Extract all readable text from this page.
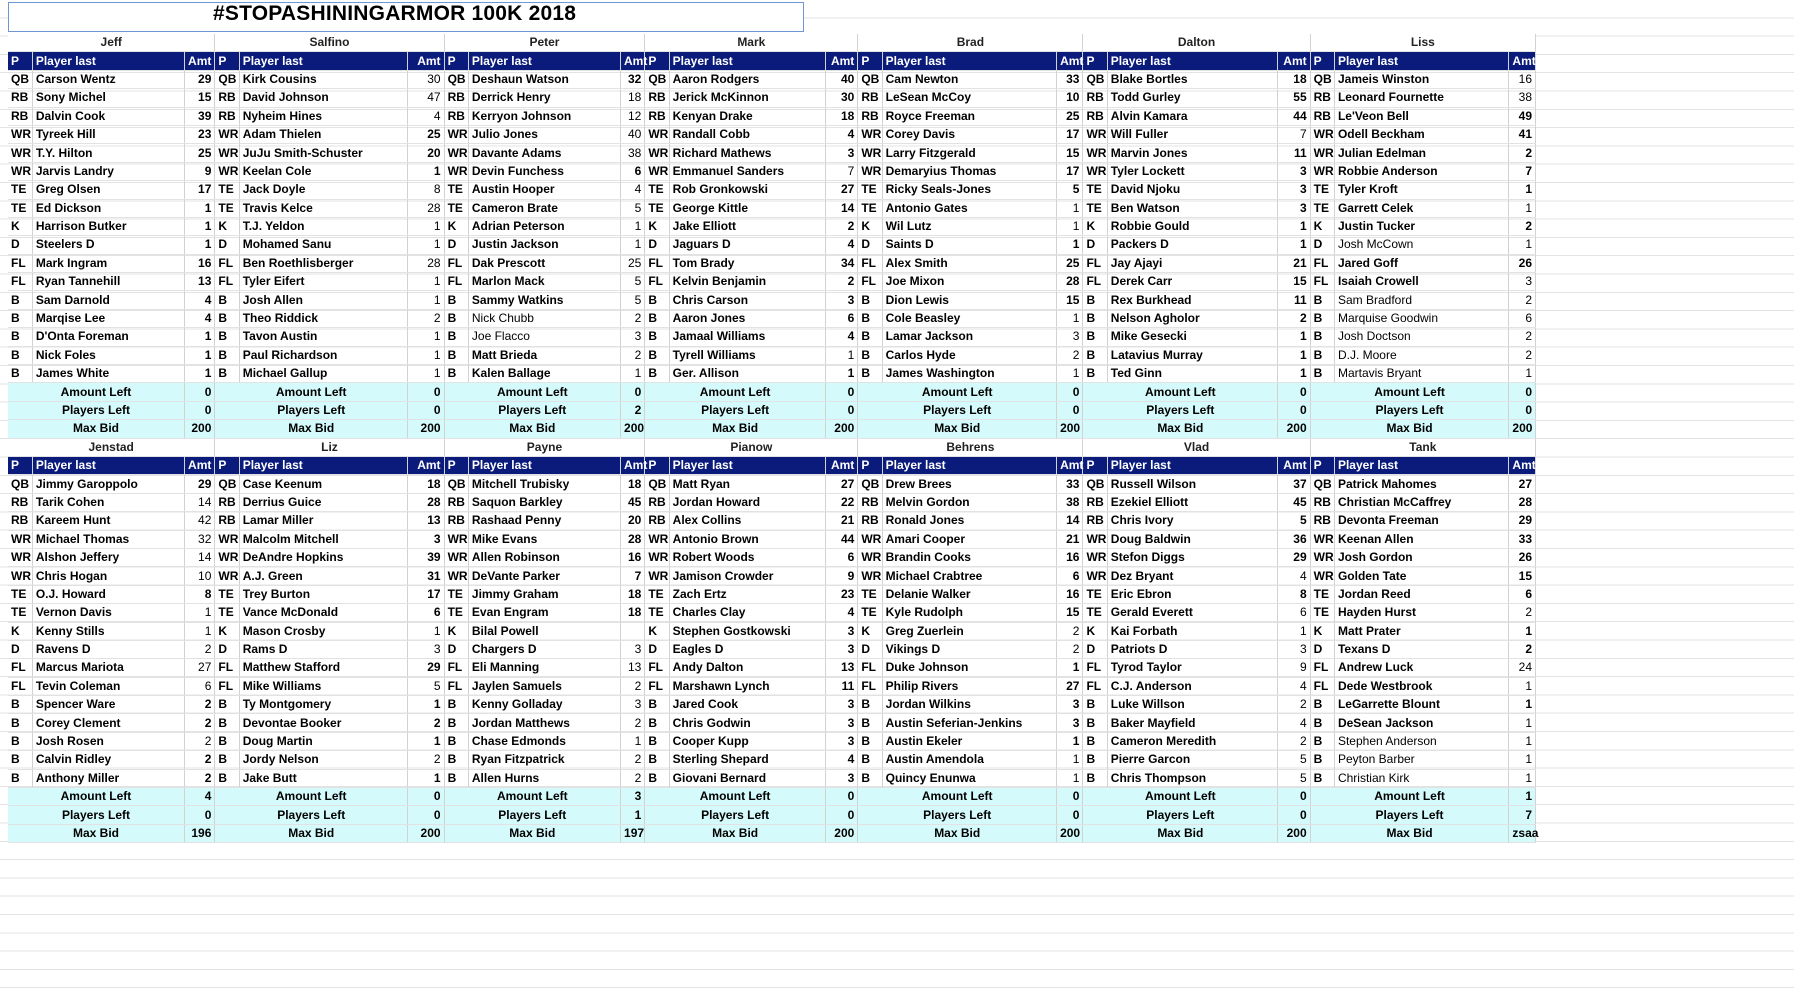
#STOPASHININGARMOR 100K 2018
Jeff			Salfino			Peter			Mark			Brad			Dalton			Liss		
P	Player last	Amt	P	Player last	Amt	P	Player last	Amt	P	Player last	Amt	P	Player last	Amt	P	Player last	Amt	P	Player last	Amt
QB	Carson Wentz	29	QB	Kirk Cousins	30	QB	Deshaun Watson	32	QB	Aaron Rodgers	40	QB	Cam Newton	33	QB	Blake Bortles	18	QB	Jameis Winston	16
RB	Sony Michel	15	RB	David Johnson	47	RB	Derrick Henry	18	RB	Jerick McKinnon	30	RB	LeSean McCoy	10	RB	Todd Gurley	55	RB	Leonard Fournette	38
RB	Dalvin Cook	39	RB	Nyheim Hines	4	RB	Kerryon Johnson	12	RB	Kenyan Drake	18	RB	Royce Freeman	25	RB	Alvin Kamara	44	RB	Le'Veon Bell	49
WR	Tyreek Hill	23	WR	Adam Thielen	25	WR	Julio Jones	40	WR	Randall Cobb	4	WR	Corey Davis	17	WR	Will Fuller	7	WR	Odell Beckham	41
WR	T.Y. Hilton	25	WR	JuJu Smith-Schuster	20	WR	Davante Adams	38	WR	Richard Mathews	3	WR	Larry Fitzgerald	15	WR	Marvin Jones	11	WR	Julian Edelman	2
WR	Jarvis Landry	9	WR	Keelan Cole	1	WR	Devin Funchess	6	WR	Emmanuel Sanders	7	WR	Demaryius Thomas	17	WR	Tyler Lockett	3	WR	Robbie Anderson	7
TE	Greg Olsen	17	TE	Jack Doyle	8	TE	Austin Hooper	4	TE	Rob Gronkowski	27	TE	Ricky Seals-Jones	5	TE	David Njoku	3	TE	Tyler Kroft	1
TE	Ed Dickson	1	TE	Travis Kelce	28	TE	Cameron Brate	5	TE	George Kittle	14	TE	Antonio Gates	1	TE	Ben Watson	3	TE	Garrett Celek	1
K	Harrison Butker	1	K	T.J. Yeldon	1	K	Adrian Peterson	1	K	Jake Elliott	2	K	Wil Lutz	1	K	Robbie Gould	1	K	Justin Tucker	2
D	Steelers D	1	D	Mohamed Sanu	1	D	Justin Jackson	1	D	Jaguars D	4	D	Saints D	1	D	Packers D	1	D	Josh McCown	1
FL	Mark Ingram	16	FL	Ben Roethlisberger	28	FL	Dak Prescott	25	FL	Tom Brady	34	FL	Alex Smith	25	FL	Jay Ajayi	21	FL	Jared Goff	26
FL	Ryan Tannehill	13	FL	Tyler Eifert	1	FL	Marlon Mack	5	FL	Kelvin Benjamin	2	FL	Joe Mixon	28	FL	Derek Carr	15	FL	Isaiah Crowell	3
B	Sam Darnold	4	B	Josh Allen	1	B	Sammy Watkins	5	B	Chris Carson	3	B	Dion Lewis	15	B	Rex Burkhead	11	B	Sam Bradford	2
B	Marqise Lee	4	B	Theo Riddick	2	B	Nick Chubb	2	B	Aaron Jones	6	B	Cole Beasley	1	B	Nelson Agholor	2	B	Marquise Goodwin	6
B	D'Onta Foreman	1	B	Tavon Austin	1	B	Joe Flacco	3	B	Jamaal Williams	4	B	Lamar Jackson	3	B	Mike Gesecki	1	B	Josh Doctson	2
B	Nick Foles	1	B	Paul Richardson	1	B	Matt Brieda	2	B	Tyrell Williams	1	B	Carlos Hyde	2	B	Latavius Murray	1	B	D.J. Moore	2
B	James White	1	B	Michael Gallup	1	B	Kalen Ballage	1	B	Ger. Allison	1	B	James Washington	1	B	Ted Ginn	1	B	Martavis Bryant	1
Amount Left		0	Amount Left		0	Amount Left		0	Amount Left		0	Amount Left		0	Amount Left		0	Amount Left		0
Players Left		0	Players Left		0	Players Left		2	Players Left		0	Players Left		0	Players Left		0	Players Left		0
Max Bid		200	Max Bid		200	Max Bid		200	Max Bid		200	Max Bid		200	Max Bid		200	Max Bid		200
Jenstad			Liz			Payne			Pianow			Behrens			Vlad			Tank		
P	Player last	Amt	P	Player last	Amt	P	Player last	Amt	P	Player last	Amt	P	Player last	Amt	P	Player last	Amt	P	Player last	Amt
QB	Jimmy Garoppolo	29	QB	Case Keenum	18	QB	Mitchell Trubisky	18	QB	Matt Ryan	27	QB	Drew Brees	33	QB	Russell Wilson	37	QB	Patrick Mahomes	27
RB	Tarik Cohen	14	RB	Derrius Guice	28	RB	Saquon Barkley	45	RB	Jordan Howard	22	RB	Melvin Gordon	38	RB	Ezekiel Elliott	45	RB	Christian McCaffrey	28
RB	Kareem Hunt	42	RB	Lamar Miller	13	RB	Rashaad Penny	20	RB	Alex Collins	21	RB	Ronald Jones	14	RB	Chris Ivory	5	RB	Devonta Freeman	29
WR	Michael Thomas	32	WR	Malcolm Mitchell	3	WR	Mike Evans	28	WR	Antonio Brown	44	WR	Amari Cooper	21	WR	Doug Baldwin	36	WR	Keenan Allen	33
WR	Alshon Jeffery	14	WR	DeAndre Hopkins	39	WR	Allen Robinson	16	WR	Robert Woods	6	WR	Brandin Cooks	16	WR	Stefon Diggs	29	WR	Josh Gordon	26
WR	Chris Hogan	10	WR	A.J. Green	31	WR	DeVante Parker	7	WR	Jamison Crowder	9	WR	Michael Crabtree	6	WR	Dez Bryant	4	WR	Golden Tate	15
TE	O.J. Howard	8	TE	Trey Burton	17	TE	Jimmy Graham	18	TE	Zach Ertz	23	TE	Delanie Walker	16	TE	Eric Ebron	8	TE	Jordan Reed	6
TE	Vernon Davis	1	TE	Vance McDonald	6	TE	Evan Engram	18	TE	Charles Clay	4	TE	Kyle Rudolph	15	TE	Gerald Everett	6	TE	Hayden Hurst	2
K	Kenny Stills	1	K	Mason Crosby	1	K	Bilal Powell		K	Stephen Gostkowski	3	K	Greg Zuerlein	2	K	Kai Forbath	1	K	Matt Prater	1
D	Ravens D	2	D	Rams D	3	D	Chargers D	3	D	Eagles D	3	D	Vikings D	2	D	Patriots D	3	D	Texans D	2
FL	Marcus Mariota	27	FL	Matthew Stafford	29	FL	Eli Manning	13	FL	Andy Dalton	13	FL	Duke Johnson	1	FL	Tyrod Taylor	9	FL	Andrew Luck	24
FL	Tevin Coleman	6	FL	Mike Williams	5	FL	Jaylen Samuels	2	FL	Marshawn Lynch	11	FL	Philip Rivers	27	FL	C.J. Anderson	4	FL	Dede Westbrook	1
B	Spencer Ware	2	B	Ty Montgomery	1	B	Kenny Golladay	3	B	Jared Cook	3	B	Jordan Wilkins	3	B	Luke Willson	2	B	LeGarrette Blount	1
B	Corey Clement	2	B	Devontae Booker	2	B	Jordan Matthews	2	B	Chris Godwin	3	B	Austin Seferian-Jenkins	3	B	Baker Mayfield	4	B	DeSean Jackson	1
B	Josh Rosen	2	B	Doug Martin	1	B	Chase Edmonds	1	B	Cooper Kupp	3	B	Austin Ekeler	1	B	Cameron Meredith	2	B	Stephen Anderson	1
B	Calvin Ridley	2	B	Jordy Nelson	2	B	Ryan Fitzpatrick	2	B	Sterling Shepard	4	B	Austin Amendola	1	B	Pierre Garcon	5	B	Peyton Barber	1
B	Anthony Miller	2	B	Jake Butt	1	B	Allen Hurns	2	B	Giovani Bernard	3	B	Quincy Enunwa	1	B	Chris Thompson	5	B	Christian Kirk	1
Amount Left		4	Amount Left		0	Amount Left		3	Amount Left		0	Amount Left		0	Amount Left		0	Amount Left		1
Players Left		0	Players Left		0	Players Left		1	Players Left		0	Players Left		0	Players Left		0	Players Left		7
Max Bid		196	Max Bid		200	Max Bid		197	Max Bid		200	Max Bid		200	Max Bid		200	Max Bid		zsaa
